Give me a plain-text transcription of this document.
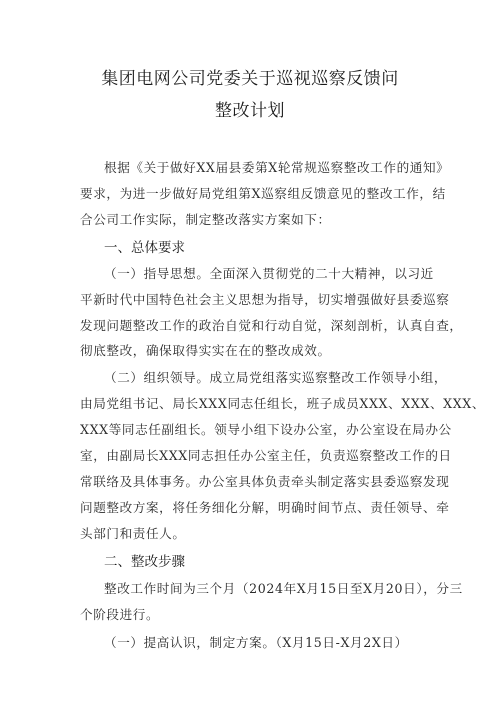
集团电网公司党委关于巡视巡察反馈问
整改计划
根据《关于做好XX届县委第X轮常规巡察整改工作的通知》
要求，为进一步做好局党组第X巡察组反馈意见的整改工作，结
合公司工作实际，制定整改落实方案如下：
一、总体要求
（一）指导思想。全面深入贯彻党的二十大精神，以习近
平新时代中国特色社会主义思想为指导，切实增强做好县委巡察
发现问题整改工作的政治自觉和行动自觉，深刻剖析，认真自查，
彻底整改，确保取得实实在在的整改成效。
（二）组织领导。成立局党组落实巡察整改工作领导小组，
由局党组书记、局长XXX同志任组长，班子成员XXX、XXX、XXX、
XXX等同志任副组长。领导小组下设办公室，办公室设在局办公
室，由副局长XXX同志担任办公室主任，负责巡察整改工作的日
常联络及具体事务。办公室具体负责牵头制定落实县委巡察发现
问题整改方案，将任务细化分解，明确时间节点、责任领导、牵
头部门和责任人。
二、整改步骤
整改工作时间为三个月（2024年X月15日至X月20日），分三
个阶段进行。
（一）提高认识，制定方案。（X月15日-X月2X日）
